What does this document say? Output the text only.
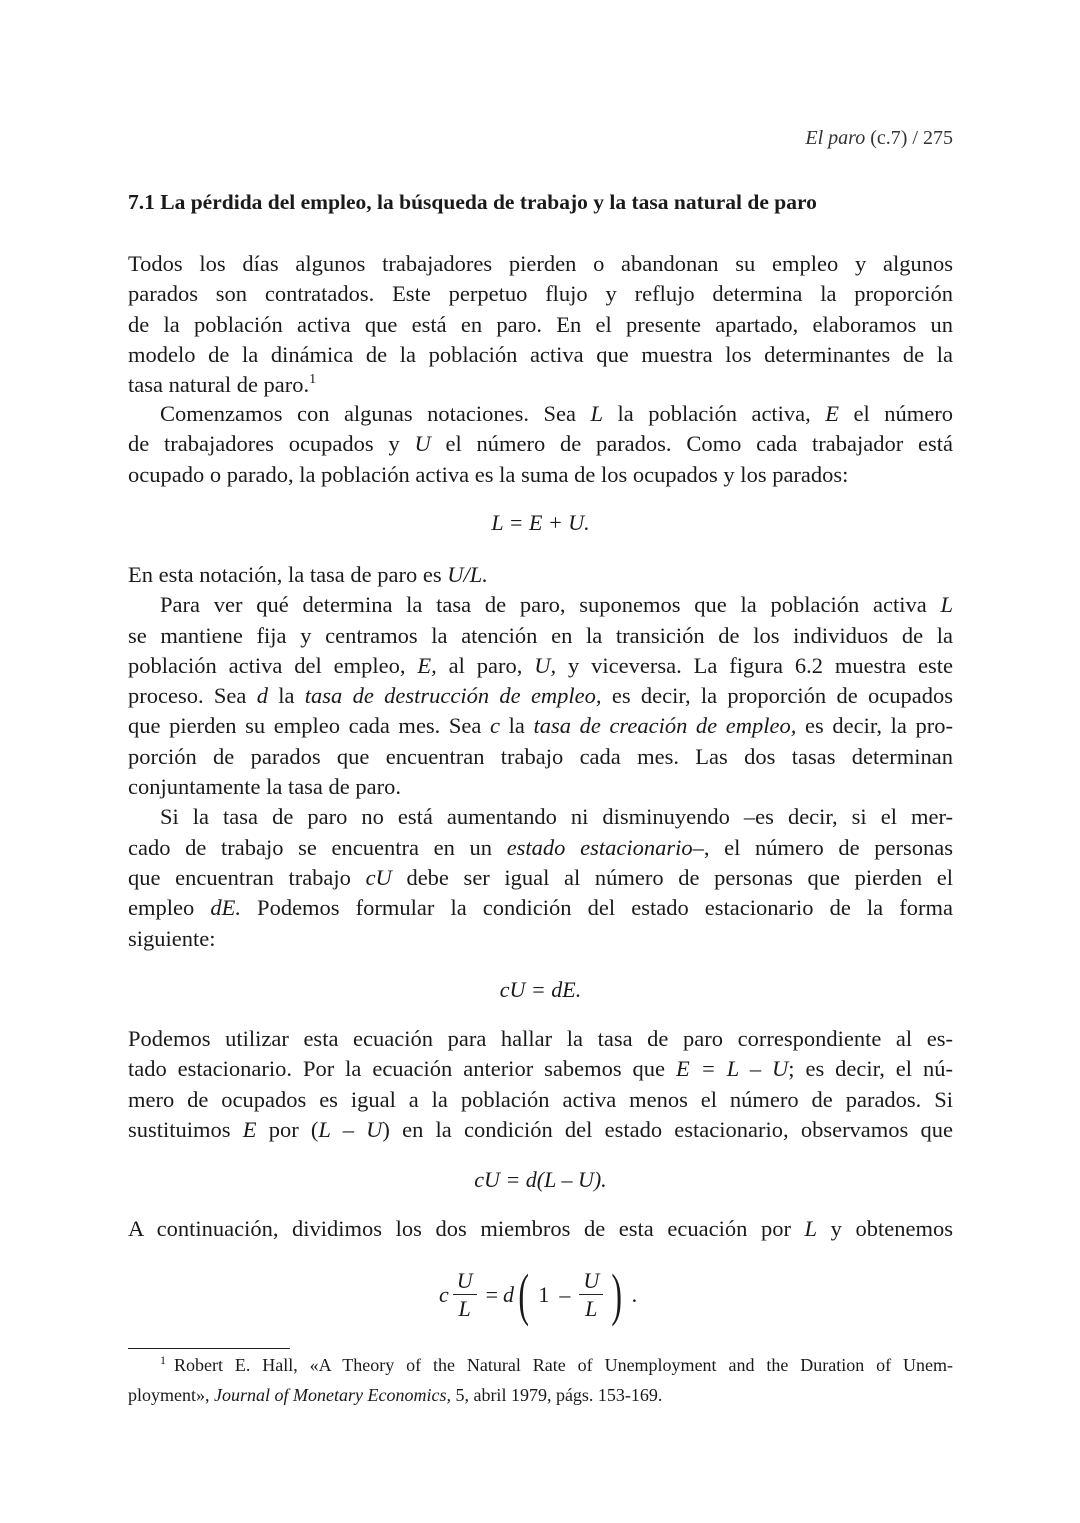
El paro (c.7) / 275
7.1 La pérdida del empleo, la búsqueda de trabajo y la tasa natural de paro
Todos los días algunos trabajadores pierden o abandonan su empleo y algunos
parados son contratados. Este perpetuo flujo y reflujo determina la proporción
de la población activa que está en paro. En el presente apartado, elaboramos un
modelo de la dinámica de la población activa que muestra los determinantes de la
tasa natural de paro.$^1$
Comenzamos con algunas notaciones. Sea L la población activa, E el número
de trabajadores ocupados y U el número de parados. Como cada trabajador está
ocupado o parado, la población activa es la suma de los ocupados y los parados:
L = E + U.
En esta notación, la tasa de paro es U/L.
Para ver qué determina la tasa de paro, suponemos que la población activa L
se mantiene fija y centramos la atención en la transición de los individuos de la
población activa del empleo, E, al paro, U, y viceversa. La figura 6.2 muestra este
proceso. Sea d la tasa de destrucción de empleo, es decir, la proporción de ocupados
que pierden su empleo cada mes. Sea c la tasa de creación de empleo, es decir, la pro-
porción de parados que encuentran trabajo cada mes. Las dos tasas determinan
conjuntamente la tasa de paro.
Si la tasa de paro no está aumentando ni disminuyendo –es decir, si el mer-
cado de trabajo se encuentra en un estado estacionario–, el número de personas
que encuentran trabajo cU debe ser igual al número de personas que pierden el
empleo dE. Podemos formular la condición del estado estacionario de la forma
siguiente:
cU = dE.
Podemos utilizar esta ecuación para hallar la tasa de paro correspondiente al es-
tado estacionario. Por la ecuación anterior sabemos que E = L – U; es decir, el nú-
mero de ocupados es igual a la población activa menos el número de parados. Si
sustituimos E por (L – U) en la condición del estado estacionario, observamos que
cU = d(L – U).
A continuación, dividimos los dos miembros de esta ecuación por L y obtenemos
c $\frac{U}{L} = d$ ( $1 - \frac{U}{L}$ ) .
$^1$ Robert E. Hall, «A Theory of the Natural Rate of Unemployment and the Duration of Unem-
ployment», Journal of Monetary Economics, 5, abril 1979, págs. 153-169.
